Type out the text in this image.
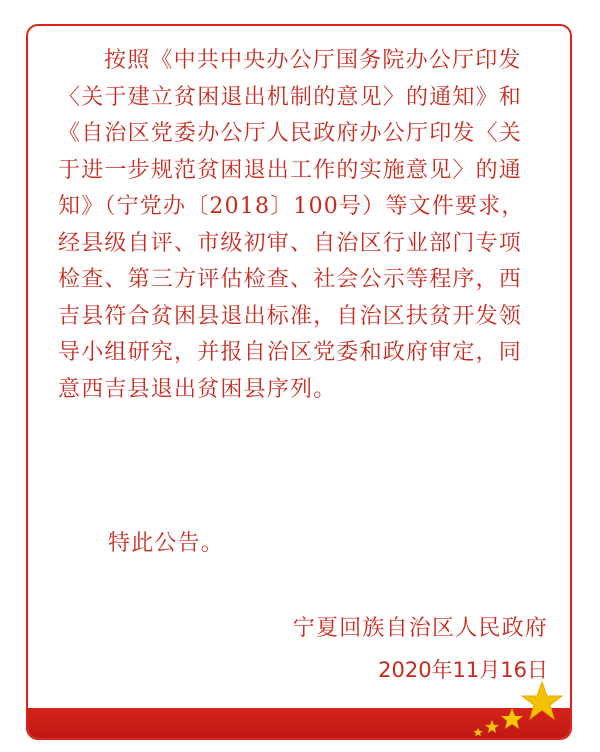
按照《中共中央办公厅国务院办公厅印发
〈关于建立贫困退出机制的意见〉的通知》和
《自治区党委办公厅人民政府办公厅印发〈关
于进一步规范贫困退出工作的实施意见〉的通
知》（宁党办〔2018〕100号）等文件要求，
经县级自评、市级初审、自治区行业部门专项
检查、第三方评估检查、社会公示等程序，西
吉县符合贫困县退出标准，自治区扶贫开发领
导小组研究，并报自治区党委和政府审定，同
意西吉县退出贫困县序列。
特此公告。
宁夏回族自治区人民政府
2020年11月16日
